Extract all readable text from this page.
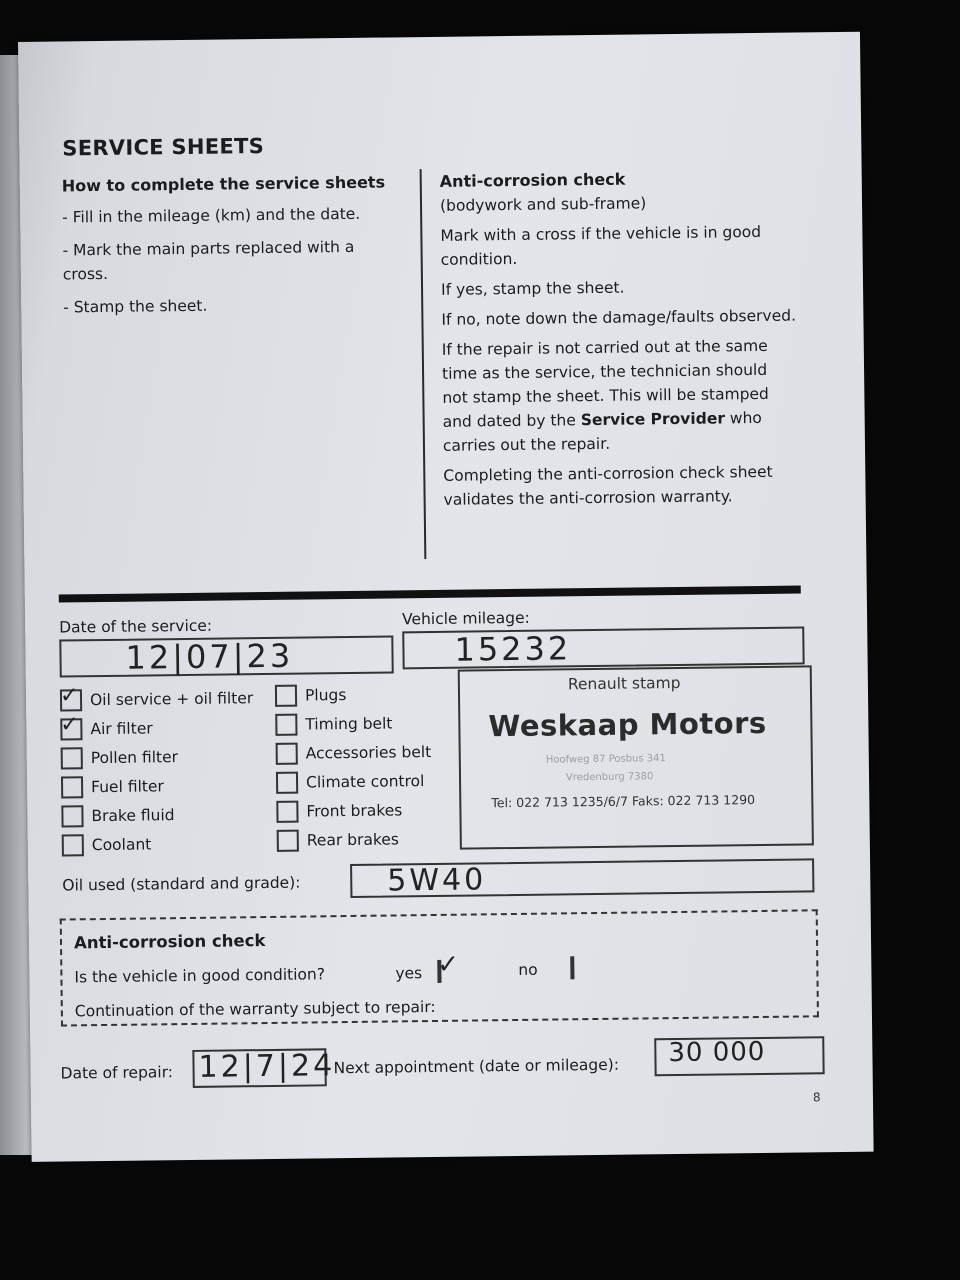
SERVICE SHEETS
How to complete the service sheets

- Fill in the mileage (km) and the date.

- Mark the main parts replaced with a cross.

- Stamp the sheet.

Anti-corrosion check

(bodywork and sub-frame)

Mark with a cross if the vehicle is in good condition.

If yes, stamp the sheet.

If no, note down the damage/faults observed.

If the repair is not carried out at the same time as the service, the technician should not stamp the sheet. This will be stamped and dated by the Service Provider who carries out the repair.

Completing the anti-corrosion check sheet validates the anti-corrosion warranty.

Date of the service:
12|07|23
Vehicle mileage:
15232
✓ Oil service + oil filter
✓ Air filter
Pollen filter
Fuel filter
Brake fluid
Coolant
Plugs
Timing belt
Accessories belt
Climate control
Front brakes
Rear brakes
Renault stamp
Weskaap Motors
Hoofweg 87 Posbus 341
Vredenburg 7380
Tel: 022 713 1235/6/7 Faks: 022 713 1290
Oil used (standard and grade):	5W40
Anti-corrosion check
Is the vehicle in good condition?	yes ✓	no
Continuation of the warranty subject to repair:
Date of repair: 12|7|24
Next appointment (date or mileage): 30 000
8
